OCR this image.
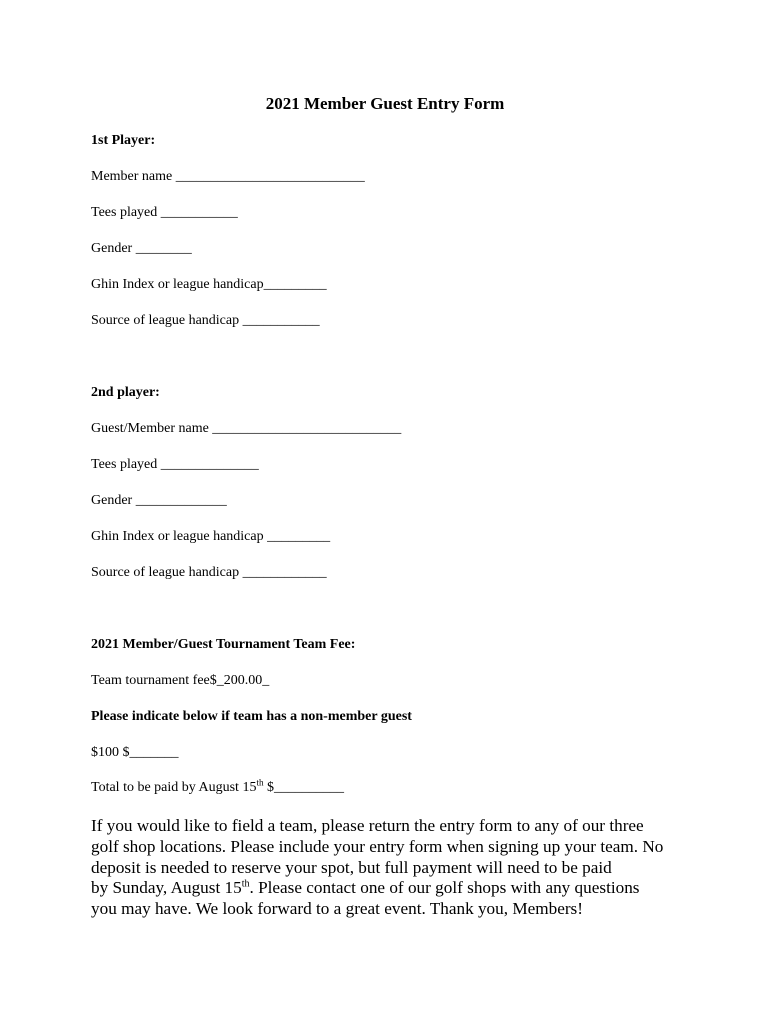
2021 Member Guest Entry Form
1st Player:
Member name ___________________________
Tees played ___________
Gender ________
Ghin Index or league handicap_________
Source of league handicap ___________
2nd player:
Guest/Member name ___________________________
Tees played ______________
Gender _____________
Ghin Index or league handicap _________
Source of league handicap ____________
2021 Member/Guest Tournament Team Fee:
Team tournament fee$_200.00_
Please indicate below if team has a non-member guest
$100 $_______
Total to be paid by August 15th $__________
If you would like to field a team, please return the entry form to any of our three
golf shop locations. Please include your entry form when signing up your team. No
deposit is needed to reserve your spot, but full payment will need to be paid
by Sunday, August 15th. Please contact one of our golf shops with any questions
you may have. We look forward to a great event. Thank you, Members!
